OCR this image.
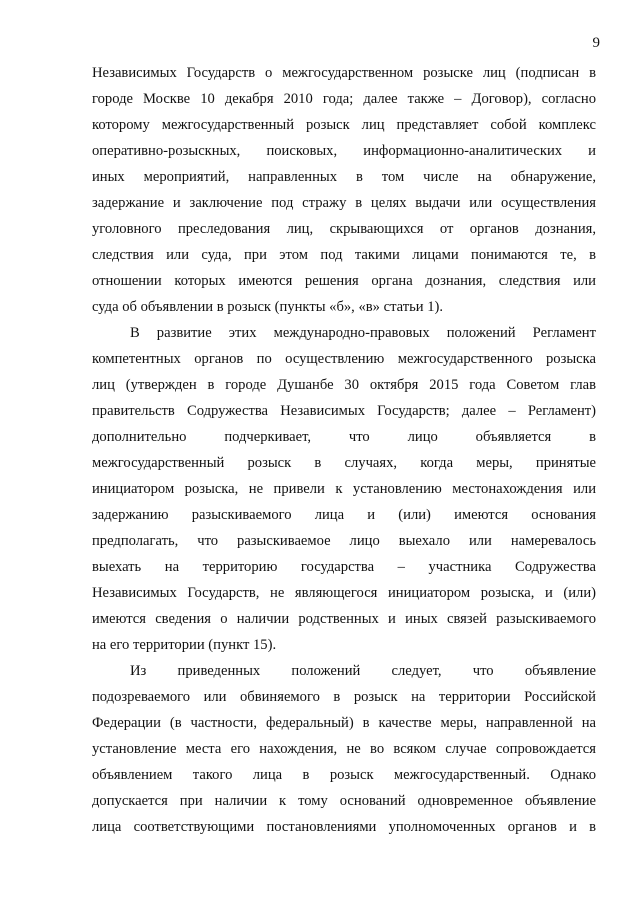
9
Независимых Государств о межгосударственном розыске лиц (подписан в
городе Москве 10 декабря 2010 года; далее также – Договор), согласно
которому межгосударственный розыск лиц представляет собой комплекс
оперативно-розыскных, поисковых, информационно-аналитических и
иных мероприятий, направленных в том числе на обнаружение,
задержание и заключение под стражу в целях выдачи или осуществления
уголовного преследования лиц, скрывающихся от органов дознания,
следствия или суда, при этом под такими лицами понимаются те, в
отношении которых имеются решения органа дознания, следствия или
суда об объявлении в розыск (пункты «б», «в» статьи 1).
В развитие этих международно-правовых положений Регламент
компетентных органов по осуществлению межгосударственного розыска
лиц (утвержден в городе Душанбе 30 октября 2015 года Советом глав
правительств Содружества Независимых Государств; далее – Регламент)
дополнительно подчеркивает, что лицо объявляется в
межгосударственный розыск в случаях, когда меры, принятые
инициатором розыска, не привели к установлению местонахождения или
задержанию разыскиваемого лица и (или) имеются основания
предполагать, что разыскиваемое лицо выехало или намеревалось
выехать на территорию государства – участника Содружества
Независимых Государств, не являющегося инициатором розыска, и (или)
имеются сведения о наличии родственных и иных связей разыскиваемого
на его территории (пункт 15).
Из приведенных положений следует, что объявление
подозреваемого или обвиняемого в розыск на территории Российской
Федерации (в частности, федеральный) в качестве меры, направленной на
установление места его нахождения, не во всяком случае сопровождается
объявлением такого лица в розыск межгосударственный. Однако
допускается при наличии к тому оснований одновременное объявление
лица соответствующими постановлениями уполномоченных органов и в
